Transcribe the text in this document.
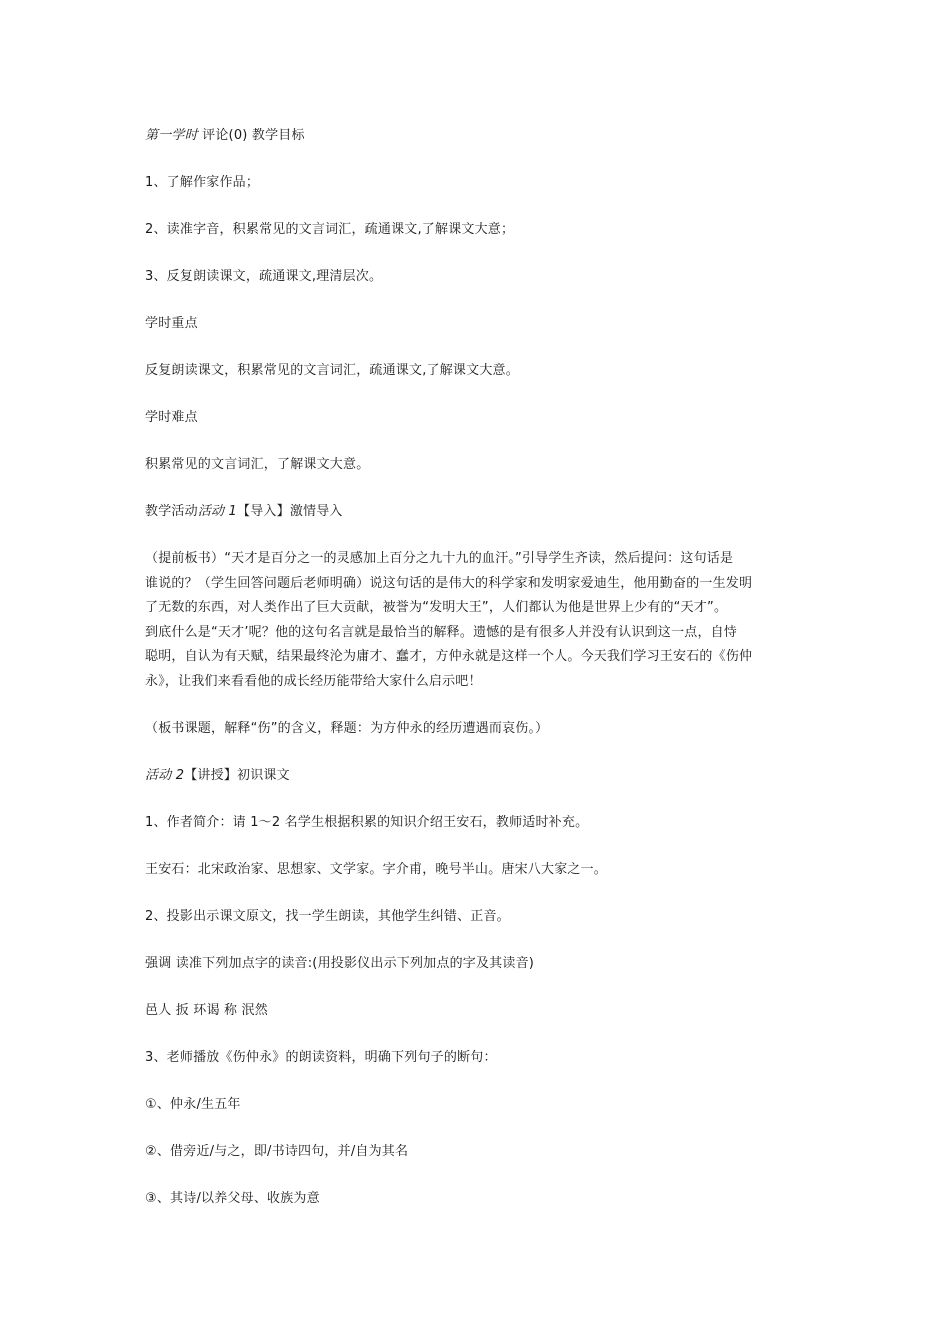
第一学时 评论(0) 教学目标

1、了解作家作品；

2、读准字音，积累常见的文言词汇，疏通课文,了解课文大意；

3、反复朗读课文，疏通课文,理清层次。

学时重点

反复朗读课文，积累常见的文言词汇，疏通课文,了解课文大意。

学时难点

积累常见的文言词汇，了解课文大意。

教学活动活动 1【导入】激情导入

（提前板书）“天才是百分之一的灵感加上百分之九十九的血汗。”引导学生齐读，然后提问：这句话是
谁说的？（学生回答问题后老师明确）说这句话的是伟大的科学家和发明家爱迪生，他用勤奋的一生发明
了无数的东西，对人类作出了巨大贡献，被誉为“发明大王”，人们都认为他是世界上少有的“天才”。
到底什么是“天才’呢？他的这句名言就是最恰当的解释。遗憾的是有很多人并没有认识到这一点，自恃
聪明，自认为有天赋，结果最终沦为庸才、蠢才，方仲永就是这样一个人。今天我们学习王安石的《伤仲
永》，让我们来看看他的成长经历能带给大家什么启示吧！

（板书课题，解释“伤”的含义，释题：为方仲永的经历遭遇而哀伤。）

活动 2【讲授】初识课文

1、作者简介：请 1～2 名学生根据积累的知识介绍王安石，教师适时补充。

王安石：北宋政治家、思想家、文学家。字介甫，晚号半山。唐宋八大家之一。

2、投影出示课文原文，找一学生朗读，其他学生纠错、正音。

强调 读准下列加点字的读音:(用投影仪出示下列加点的字及其读音)

邑人 扳 环谒 称 泯然

3、老师播放《伤仲永》的朗读资料，明确下列句子的断句：

①、仲永/生五年

②、借旁近/与之，即/书诗四句，并/自为其名

③、其诗/以养父母、收族为意
